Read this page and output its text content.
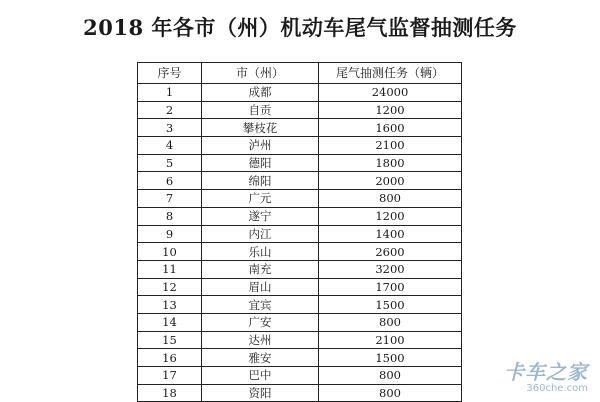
2018 年各市（州）机动车尾气监督抽测任务
序号	市（州）	尾气抽测任务（辆）
1	成都	24000
2	自贡	1200
3	攀枝花	1600
4	泸州	2100
5	德阳	1800
6	绵阳	2000
7	广元	800
8	遂宁	1200
9	内江	1400
10	乐山	2600
11	南充	3200
12	眉山	1700
13	宜宾	1500
14	广安	800
15	达州	2100
16	雅安	1500
17	巴中	800
18	资阳	800
卡车之家
360che.com
